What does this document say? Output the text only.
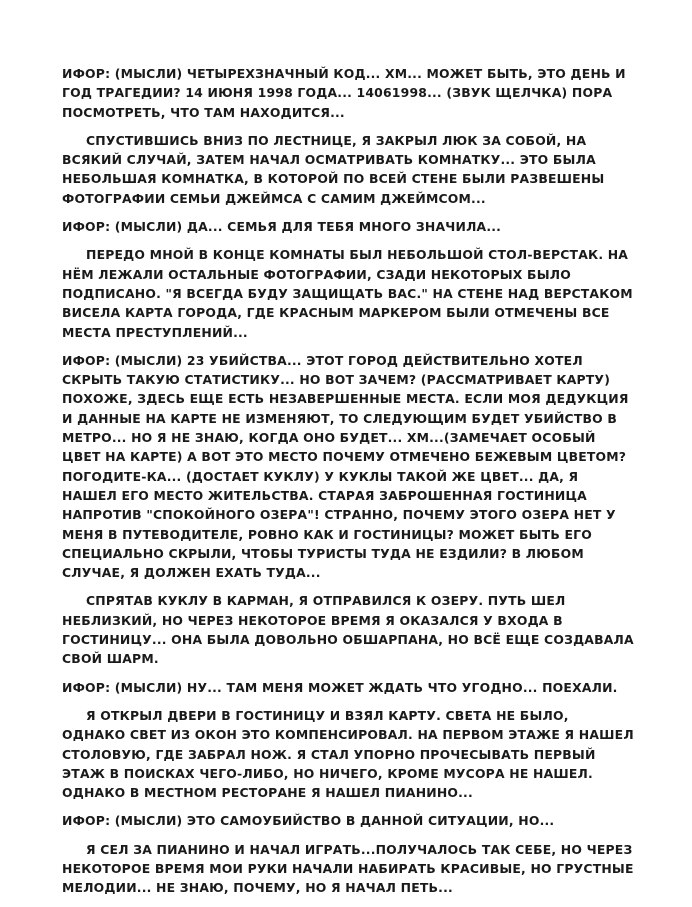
ИФОР: (МЫСЛИ) ЧЕТЫРЕХЗНАЧНЫЙ КОД... ХМ... МОЖЕТ БЫТЬ, ЭТО ДЕНЬ И ГОД ТРАГЕДИИ? 14 ИЮНЯ 1998 ГОДА... 14061998... (ЗВУК ЩЕЛЧКА) ПОРА ПОСМОТРЕТЬ, ЧТО ТАМ НАХОДИТСЯ...

СПУСТИВШИСЬ ВНИЗ ПО ЛЕСТНИЦЕ, Я ЗАКРЫЛ ЛЮК ЗА СОБОЙ, НА ВСЯКИЙ СЛУЧАЙ, ЗАТЕМ НАЧАЛ ОСМАТРИВАТЬ КОМНАТКУ... ЭТО БЫЛА НЕБОЛЬШАЯ КОМНАТКА, В КОТОРОЙ ПО ВСЕЙ СТЕНЕ БЫЛИ РАЗВЕШЕНЫ ФОТОГРАФИИ СЕМЬИ ДЖЕЙМСА С САМИМ ДЖЕЙМСОМ...

ИФОР: (МЫСЛИ) ДА... СЕМЬЯ ДЛЯ ТЕБЯ МНОГО ЗНАЧИЛА...

ПЕРЕДО МНОЙ В КОНЦЕ КОМНАТЫ БЫЛ НЕБОЛЬШОЙ СТОЛ-ВЕРСТАК. НА НЁМ ЛЕЖАЛИ ОСТАЛЬНЫЕ ФОТОГРАФИИ, СЗАДИ НЕКОТОРЫХ БЫЛО ПОДПИСАНО. "Я ВСЕГДА БУДУ ЗАЩИЩАТЬ ВАС." НА СТЕНЕ НАД ВЕРСТАКОМ ВИСЕЛА КАРТА ГОРОДА, ГДЕ КРАСНЫМ МАРКЕРОМ БЫЛИ ОТМЕЧЕНЫ ВСЕ МЕСТА ПРЕСТУПЛЕНИЙ...

ИФОР: (МЫСЛИ) 23 УБИЙСТВА... ЭТОТ ГОРОД ДЕЙСТВИТЕЛЬНО ХОТЕЛ СКРЫТЬ ТАКУЮ СТАТИСТИКУ... НО ВОТ ЗАЧЕМ? (РАССМАТРИВАЕТ КАРТУ) ПОХОЖЕ, ЗДЕСЬ ЕЩЕ ЕСТЬ НЕЗАВЕРШЕННЫЕ МЕСТА. ЕСЛИ МОЯ ДЕДУКЦИЯ И ДАННЫЕ НА КАРТЕ НЕ ИЗМЕНЯЮТ, ТО СЛЕДУЮЩИМ БУДЕТ УБИЙСТВО В МЕТРО... НО Я НЕ ЗНАЮ, КОГДА ОНО БУДЕТ... ХМ...(ЗАМЕЧАЕТ ОСОБЫЙ ЦВЕТ НА КАРТЕ) А ВОТ ЭТО МЕСТО ПОЧЕМУ ОТМЕЧЕНО БЕЖЕВЫМ ЦВЕТОМ? ПОГОДИТЕ-КА... (ДОСТАЕТ КУКЛУ) У КУКЛЫ ТАКОЙ ЖЕ ЦВЕТ... ДА, Я НАШЕЛ ЕГО МЕСТО ЖИТЕЛЬСТВА. СТАРАЯ ЗАБРОШЕННАЯ ГОСТИНИЦА НАПРОТИВ "СПОКОЙНОГО ОЗЕРА"! СТРАННО, ПОЧЕМУ ЭТОГО ОЗЕРА НЕТ У МЕНЯ В ПУТЕВОДИТЕЛЕ, РОВНО КАК И ГОСТИНИЦЫ? МОЖЕТ БЫТЬ ЕГО СПЕЦИАЛЬНО СКРЫЛИ, ЧТОБЫ ТУРИСТЫ ТУДА НЕ ЕЗДИЛИ? В ЛЮБОМ СЛУЧАЕ, Я ДОЛЖЕН ЕХАТЬ ТУДА...

СПРЯТАВ КУКЛУ В КАРМАН, Я ОТПРАВИЛСЯ К ОЗЕРУ. ПУТЬ ШЕЛ НЕБЛИЗКИЙ, НО ЧЕРЕЗ НЕКОТОРОЕ ВРЕМЯ Я ОКАЗАЛСЯ У ВХОДА В ГОСТИНИЦУ... ОНА БЫЛА ДОВОЛЬНО ОБШАРПАНА, НО ВСЁ ЕЩЕ СОЗДАВАЛА СВОЙ ШАРМ.

ИФОР: (МЫСЛИ) НУ... ТАМ МЕНЯ МОЖЕТ ЖДАТЬ ЧТО УГОДНО... ПОЕХАЛИ.

Я ОТКРЫЛ ДВЕРИ В ГОСТИНИЦУ И ВЗЯЛ КАРТУ. СВЕТА НЕ БЫЛО, ОДНАКО СВЕТ ИЗ ОКОН ЭТО КОМПЕНСИРОВАЛ. НА ПЕРВОМ ЭТАЖЕ Я НАШЕЛ СТОЛОВУЮ, ГДЕ ЗАБРАЛ НОЖ. Я СТАЛ УПОРНО ПРОЧЕСЫВАТЬ ПЕРВЫЙ ЭТАЖ В ПОИСКАХ ЧЕГО-ЛИБО, НО НИЧЕГО, КРОМЕ МУСОРА НЕ НАШЕЛ. ОДНАКО В МЕСТНОМ РЕСТОРАНЕ Я НАШЕЛ ПИАНИНО...

ИФОР: (МЫСЛИ) ЭТО САМОУБИЙСТВО В ДАННОЙ СИТУАЦИИ, НО...

Я СЕЛ ЗА ПИАНИНО И НАЧАЛ ИГРАТЬ...ПОЛУЧАЛОСЬ ТАК СЕБЕ, НО ЧЕРЕЗ НЕКОТОРОЕ ВРЕМЯ МОИ РУКИ НАЧАЛИ НАБИРАТЬ КРАСИВЫЕ, НО ГРУСТНЫЕ МЕЛОДИИ... НЕ ЗНАЮ, ПОЧЕМУ, НО Я НАЧАЛ ПЕТЬ...
